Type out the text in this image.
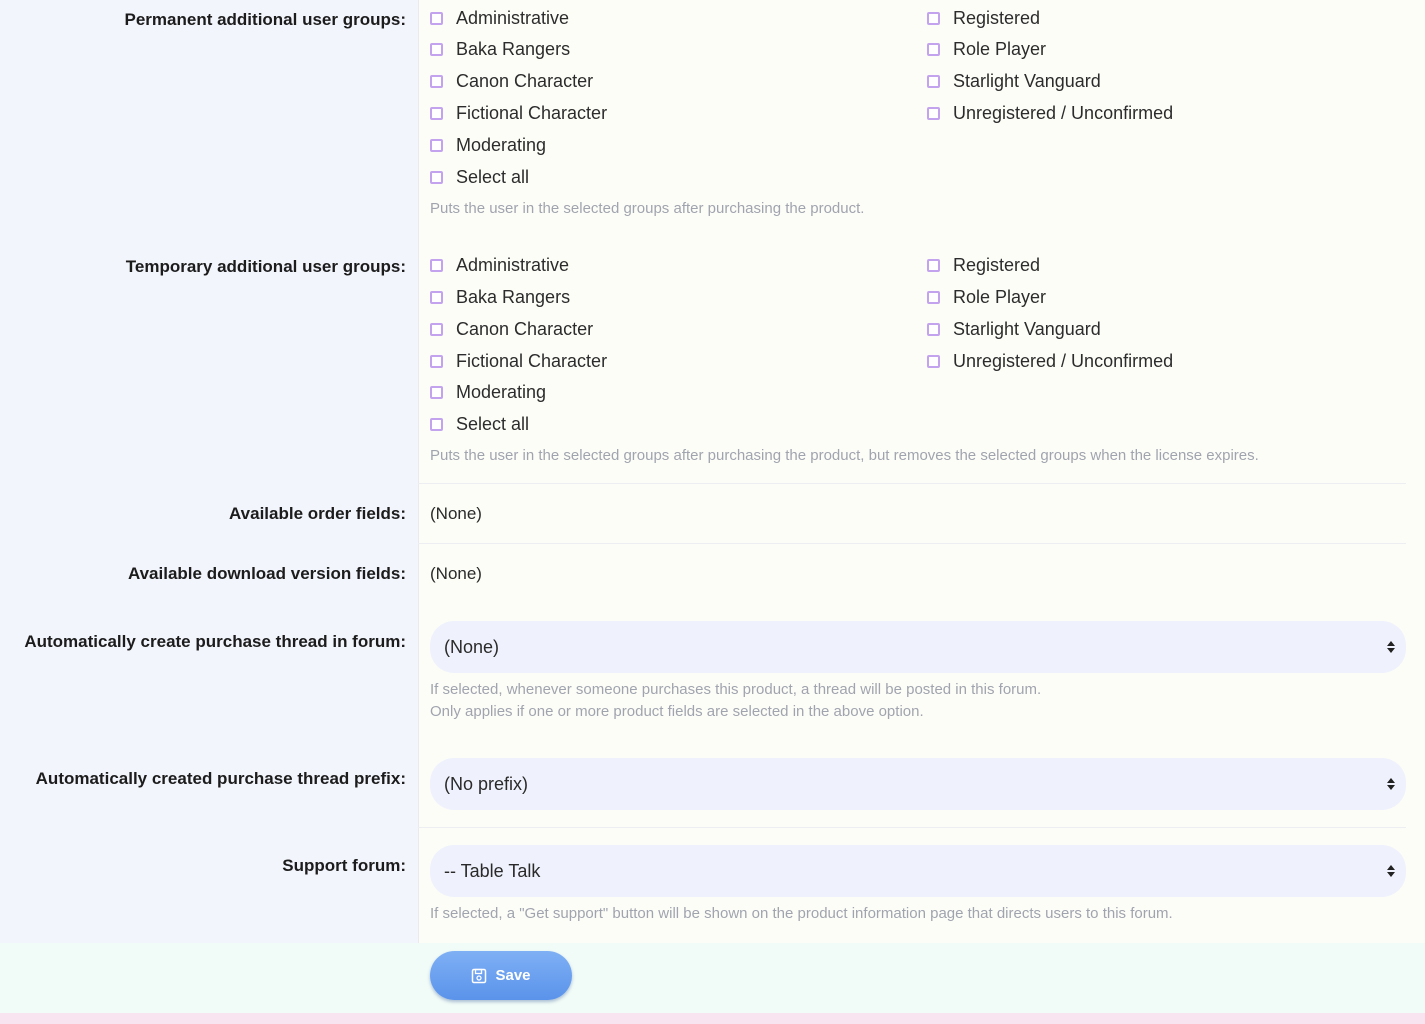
Permanent additional user groups:	Administrative
Baka Rangers
Canon Character
Fictional Character
Moderating
Select all
Registered
Role Player
Starlight Vanguard
Unregistered / Unconfirmed
Puts the user in the selected groups after purchasing the product.
Temporary additional user groups:	Administrative
Baka Rangers
Canon Character
Fictional Character
Moderating
Select all
Registered
Role Player
Starlight Vanguard
Unregistered / Unconfirmed
Puts the user in the selected groups after purchasing the product, but removes the selected groups when the license expires.
Available order fields: (None)
Available download version fields: (None)
Automatically create purchase thread in forum: (None)
If selected, whenever someone purchases this product, a thread will be posted in this forum.
Only applies if one or more product fields are selected in the above option.
Automatically created purchase thread prefix: (No prefix)
Support forum: -- Table Talk
If selected, a "Get support" button will be shown on the product information page that directs users to this forum.
Save
